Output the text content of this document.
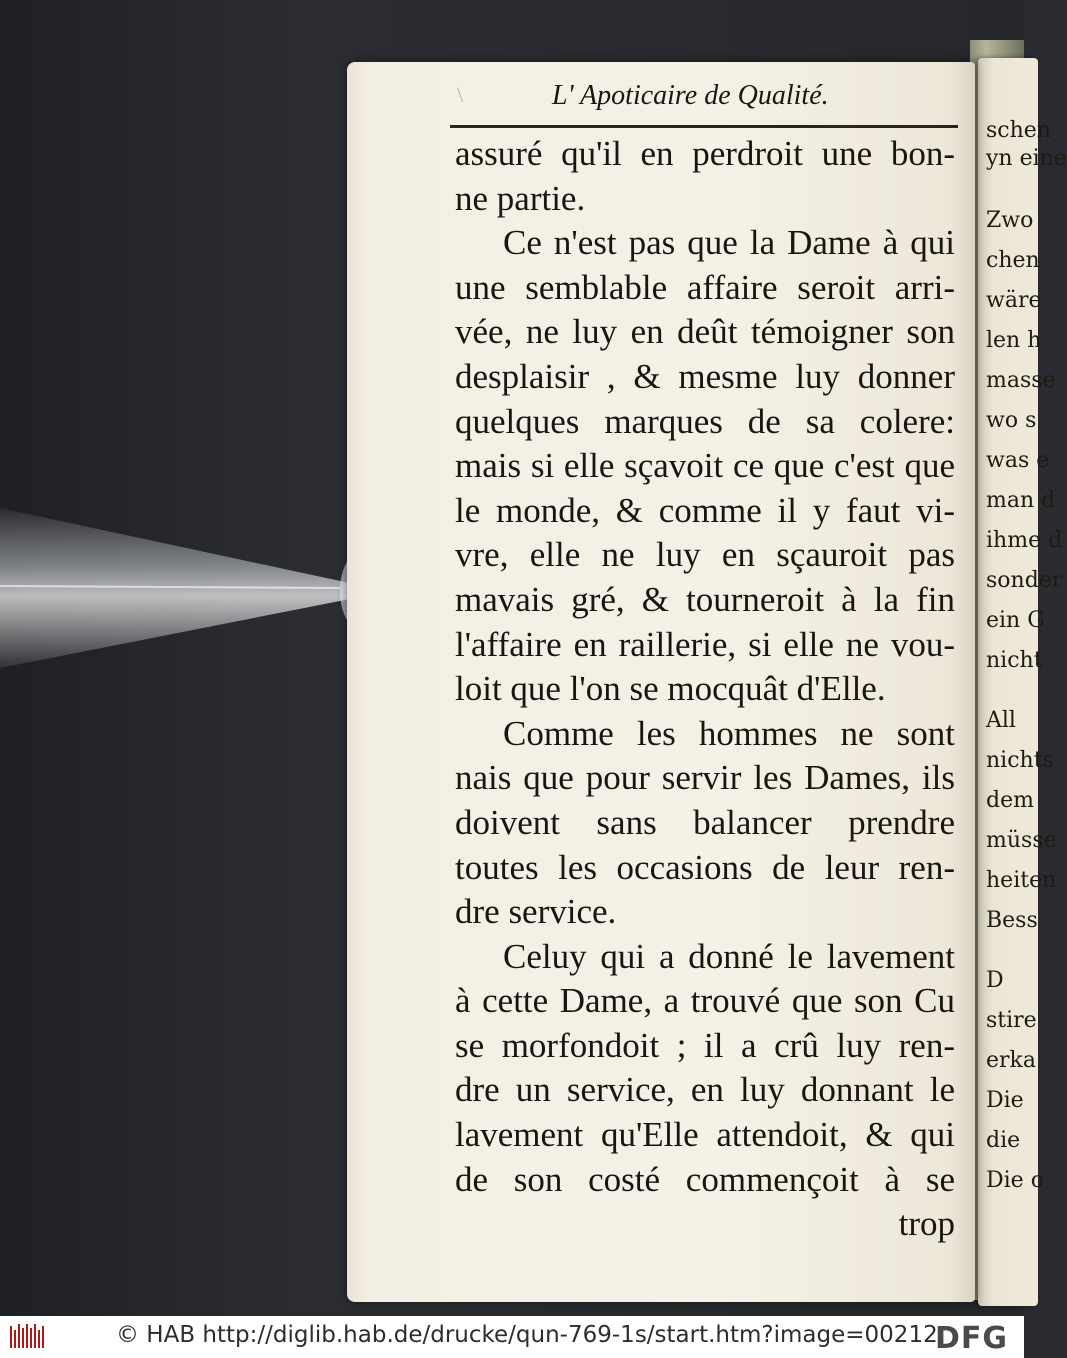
schen
yn eine
Zwo
chen
wäre
len h
masse
wo s
was e
man d
ihme d
sonder
ein G
nicht
All
nichts
dem
müsse
heiten
Bess
D
stire
erka
Die
die
Die o
\	L' Apoticaire de Qualité.
assuré qu'il en perdroit une bon-
ne partie.
Ce n'est pas que la Dame à qui
une semblable affaire seroit arri-
vée, ne luy en deût témoigner son
desplaisir , & mesme luy donner
quelques marques de sa colere:
mais si elle sçavoit ce que c'est que
le monde, & comme il y faut vi-
vre, elle ne luy en sçauroit pas
mavais gré, & tourneroit à la fin
l'affaire en raillerie, si elle ne vou-
loit que l'on se mocquât d'Elle.
Comme les hommes ne sont
nais que pour servir les Dames, ils
doivent sans balancer prendre
toutes les occasions de leur ren-
dre service.
Celuy qui a donné le lavement
à cette Dame, a trouvé que son Cu
se morfondoit ; il a crû luy ren-
dre un service, en luy donnant le
lavement qu'Elle attendoit, & qui
de son costé commençoit à se
trop
© HAB http://diglib.hab.de/drucke/qun-769-1s/start.htm?image=00212
DFG
